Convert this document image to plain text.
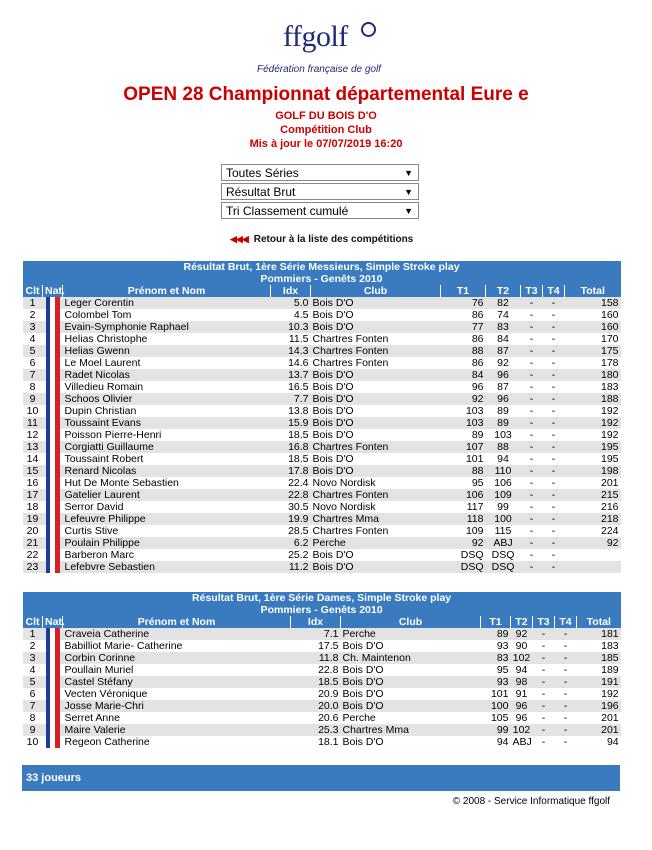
ffgolf
Fédération française de golf
OPEN 28 Championnat départemental Eure e
GOLF DU BOIS D'O
Compétition Club
Mis à jour le 07/07/2019 16:20
Toutes Séries	▼
Résultat Brut	▼
Tri Classement cumulé	▼
◀◀◀ Retour à la liste des compétitions
Résultat Brut, 1ère Série Messieurs, Simple Stroke play									
Pommiers - Genêts 2010									
Clt	Nat.	Prénom et Nom	Idx	Club	T1	T2	T3	T4	Total
1		Leger Corentin	5.0	Bois D'O	76	82	-	-	158
2		Colombel Tom	4.5	Bois D'O	86	74	-	-	160
3		Evain-Symphonie Raphael	10.3	Bois D'O	77	83	-	-	160
4		Helias Christophe	11.5	Chartres Fonten	86	84	-	-	170
5		Helias Gwenn	14.3	Chartres Fonten	88	87	-	-	175
6		Le Moel Laurent	14.6	Chartres Fonten	86	92	-	-	178
7		Radet Nicolas	13.7	Bois D'O	84	96	-	-	180
8		Villedieu Romain	16.5	Bois D'O	96	87	-	-	183
9		Schoos Olivier	7.7	Bois D'O	92	96	-	-	188
10		Dupin Christian	13.8	Bois D'O	103	89	-	-	192
11		Toussaint Evans	15.9	Bois D'O	103	89	-	-	192
12		Poisson Pierre-Henri	18.5	Bois D'O	89	103	-	-	192
13		Corgiatti Guillaume	16.8	Chartres Fonten	107	88	-	-	195
14		Toussaint Robert	18.5	Bois D'O	101	94	-	-	195
15		Renard Nicolas	17.8	Bois D'O	88	110	-	-	198
16		Hut De Monte Sebastien	22.4	Novo Nordisk	95	106	-	-	201
17		Gatelier Laurent	22.8	Chartres Fonten	106	109	-	-	215
18		Serror David	30.5	Novo Nordisk	117	99	-	-	216
19		Lefeuvre Philippe	19.9	Chartres Mma	118	100	-	-	218
20		Curtis Stive	28.5	Chartres Fonten	109	115	-	-	224
21		Poulain Philippe	6.2	Perche	92	ABJ	-	-	92
22		Barberon Marc	25.2	Bois D'O	DSQ	DSQ	-	-	
23		Lefebvre Sebastien	11.2	Bois D'O	DSQ	DSQ	-	-	
Résultat Brut, 1ère Série Dames, Simple Stroke play									
Pommiers - Genêts 2010									
Clt	Nat.	Prénom et Nom	Idx	Club	T1	T2	T3	T4	Total
1		Craveia Catherine	7.1	Perche	89	92	-	-	181
2		Babilliot Marie- Catherine	17.5	Bois D'O	93	90	-	-	183
3		Corbin Corinne	11.8	Ch. Maintenon	83	102	-	-	185
4		Poullain Muriel	22.8	Bois D'O	95	94	-	-	189
5		Castel Stéfany	18.5	Bois D'O	93	98	-	-	191
6		Vecten Véronique	20.9	Bois D'O	101	91	-	-	192
7		Josse Marie-Chri	20.0	Bois D'O	100	96	-	-	196
8		Serret Anne	20.6	Perche	105	96	-	-	201
9		Maire Valerie	25.3	Chartres Mma	99	102	-	-	201
10		Regeon Catherine	18.1	Bois D'O	94	ABJ	-	-	94
33 joueurs
© 2008 - Service Informatique ffgolf
